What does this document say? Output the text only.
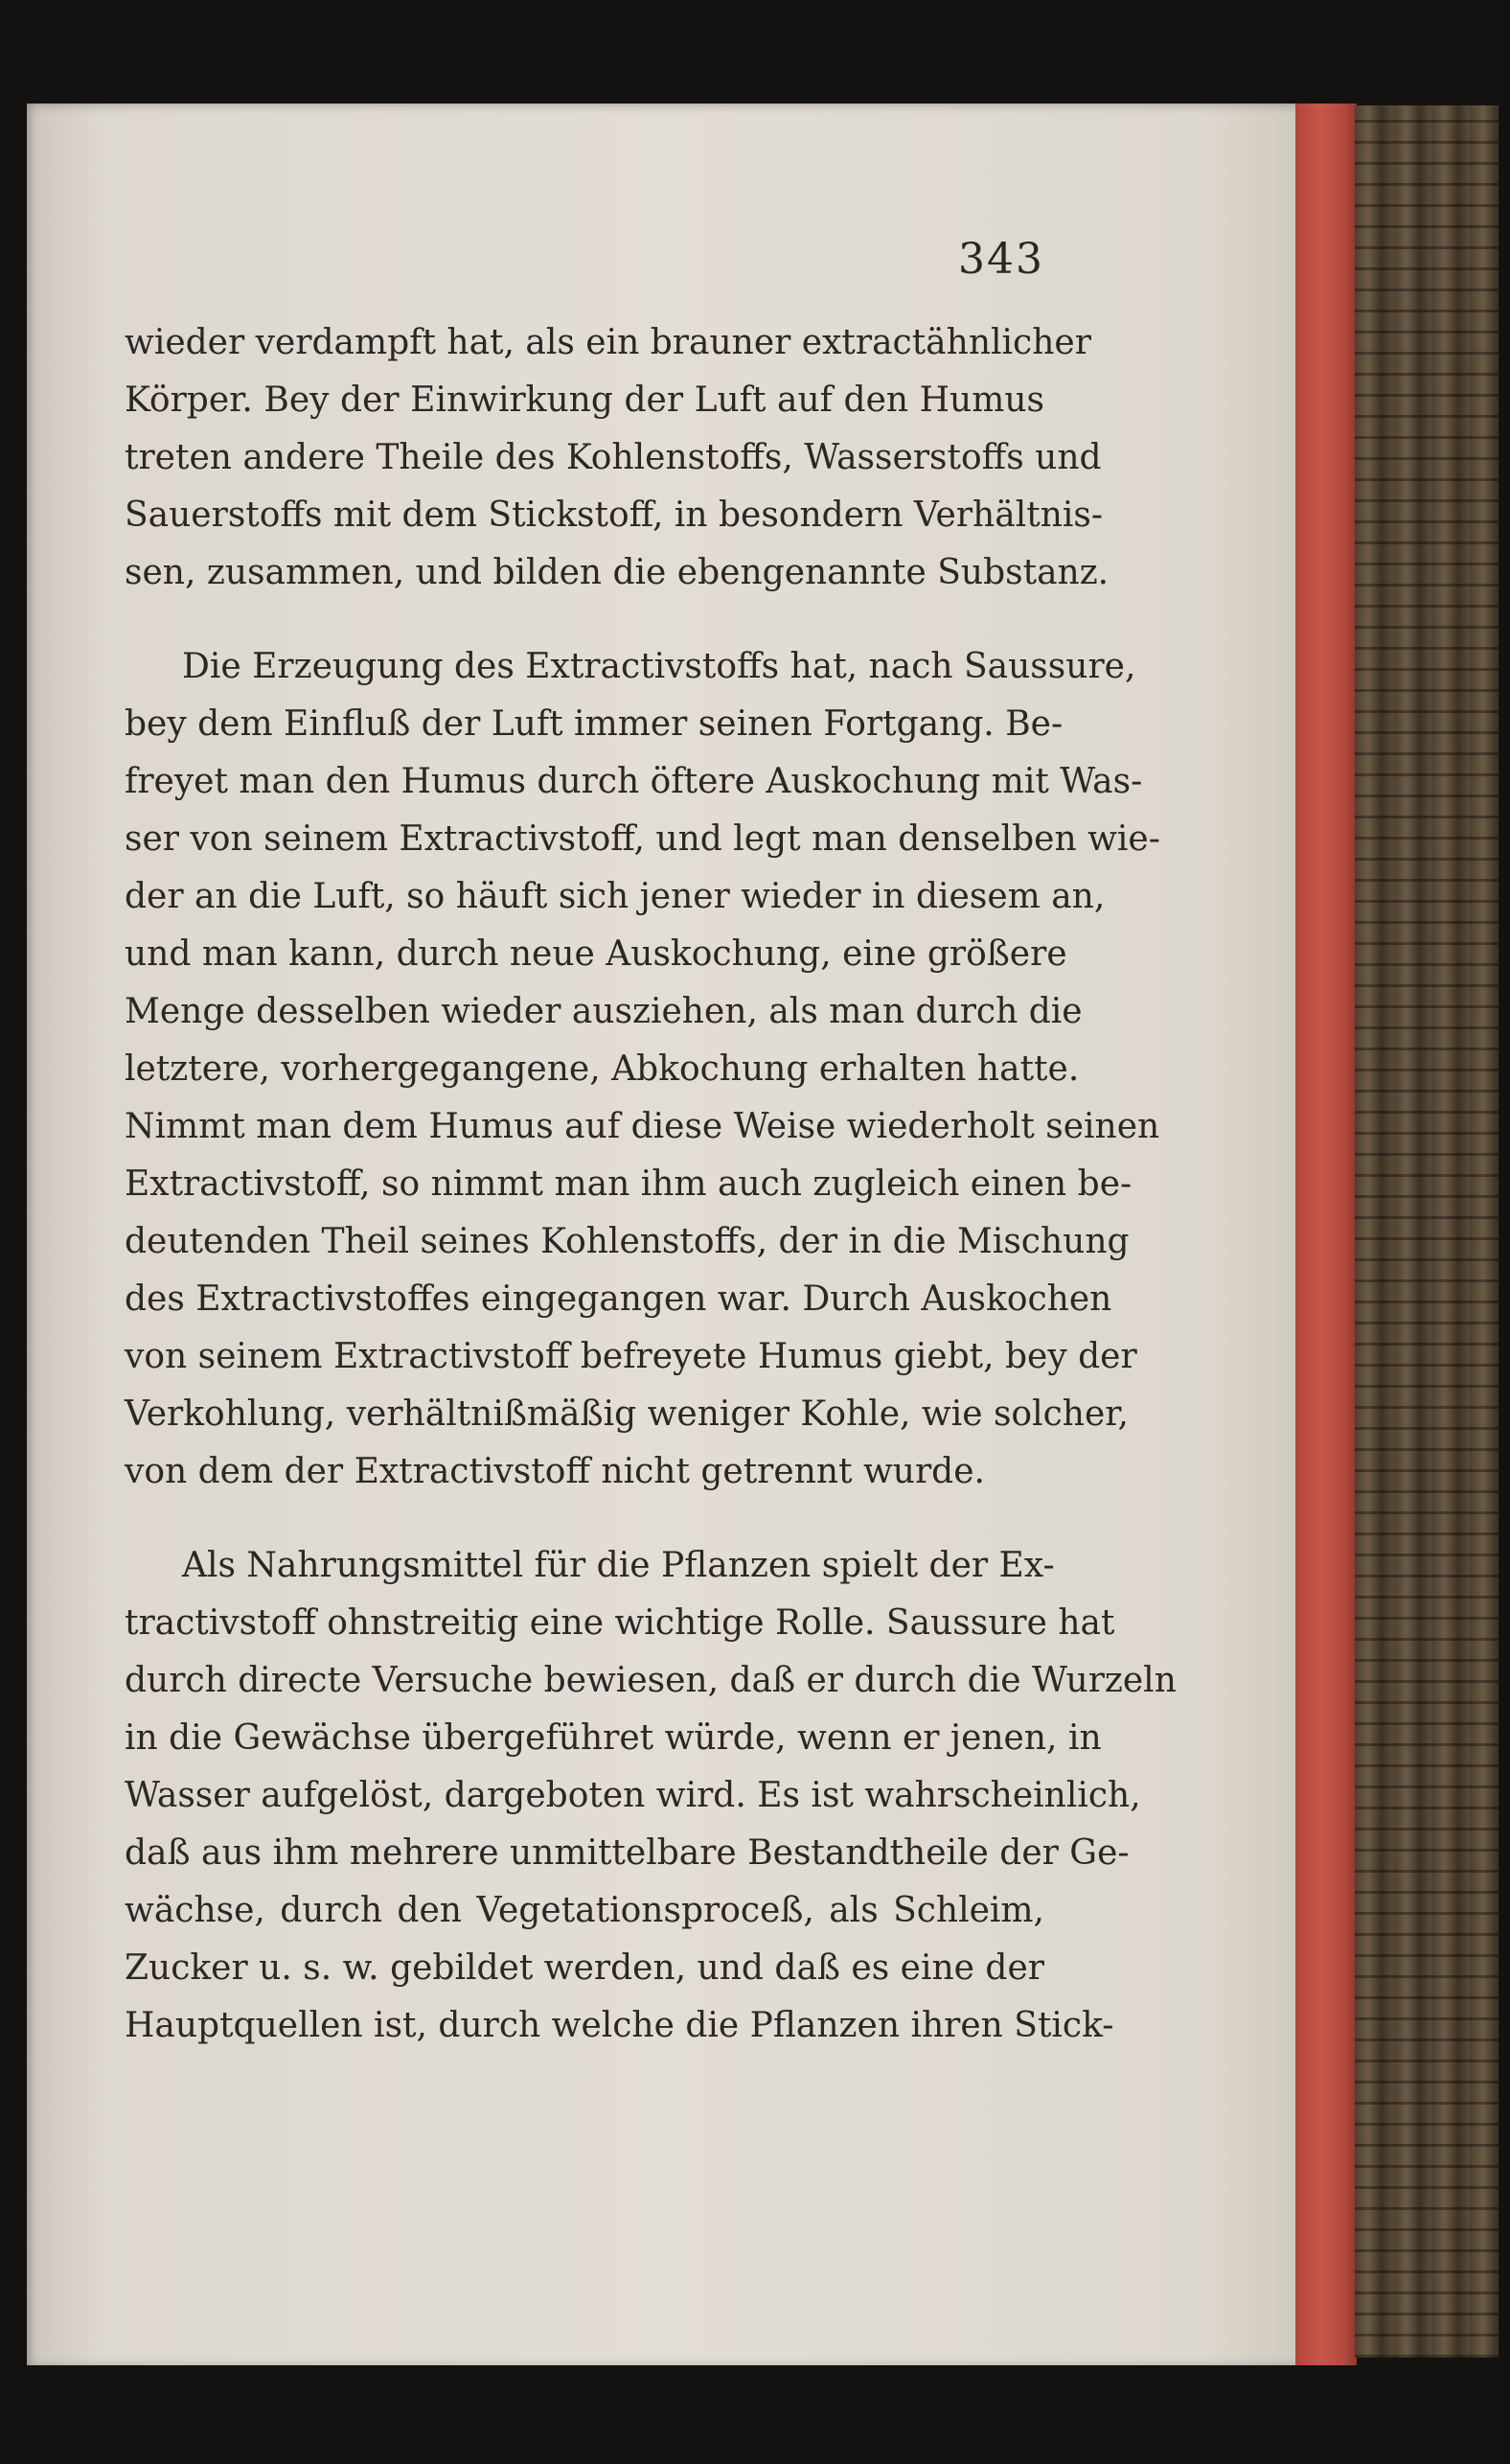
343
wieder verdampft hat, als ein brauner extractähnlicher
Körper. Bey der Einwirkung der Luft auf den Humus
treten andere Theile des Kohlenstoffs, Wasserstoffs und
Sauerstoffs mit dem Stickstoff, in besondern Verhältnis-
sen, zusammen, und bilden die ebengenannte Substanz.
Die Erzeugung des Extractivstoffs hat, nach Saussure,
bey dem Einfluß der Luft immer seinen Fortgang. Be-
freyet man den Humus durch öftere Auskochung mit Was-
ser von seinem Extractivstoff, und legt man denselben wie-
der an die Luft, so häuft sich jener wieder in diesem an,
und man kann, durch neue Auskochung, eine größere
Menge desselben wieder ausziehen, als man durch die
letztere, vorhergegangene, Abkochung erhalten hatte.
Nimmt man dem Humus auf diese Weise wiederholt seinen
Extractivstoff, so nimmt man ihm auch zugleich einen be-
deutenden Theil seines Kohlenstoffs, der in die Mischung
des Extractivstoffes eingegangen war. Durch Auskochen
von seinem Extractivstoff befreyete Humus giebt, bey der
Verkohlung, verhältnißmäßig weniger Kohle, wie solcher,
von dem der Extractivstoff nicht getrennt wurde.
Als Nahrungsmittel für die Pflanzen spielt der Ex-
tractivstoff ohnstreitig eine wichtige Rolle. Saussure hat
durch directe Versuche bewiesen, daß er durch die Wurzeln
in die Gewächse übergeführet würde, wenn er jenen, in
Wasser aufgelöst, dargeboten wird. Es ist wahrscheinlich,
daß aus ihm mehrere unmittelbare Bestandtheile der Ge-
wächse, durch den Vegetationsproceß, als Schleim,
Zucker u. s. w. gebildet werden, und daß es eine der
Hauptquellen ist, durch welche die Pflanzen ihren Stick-
